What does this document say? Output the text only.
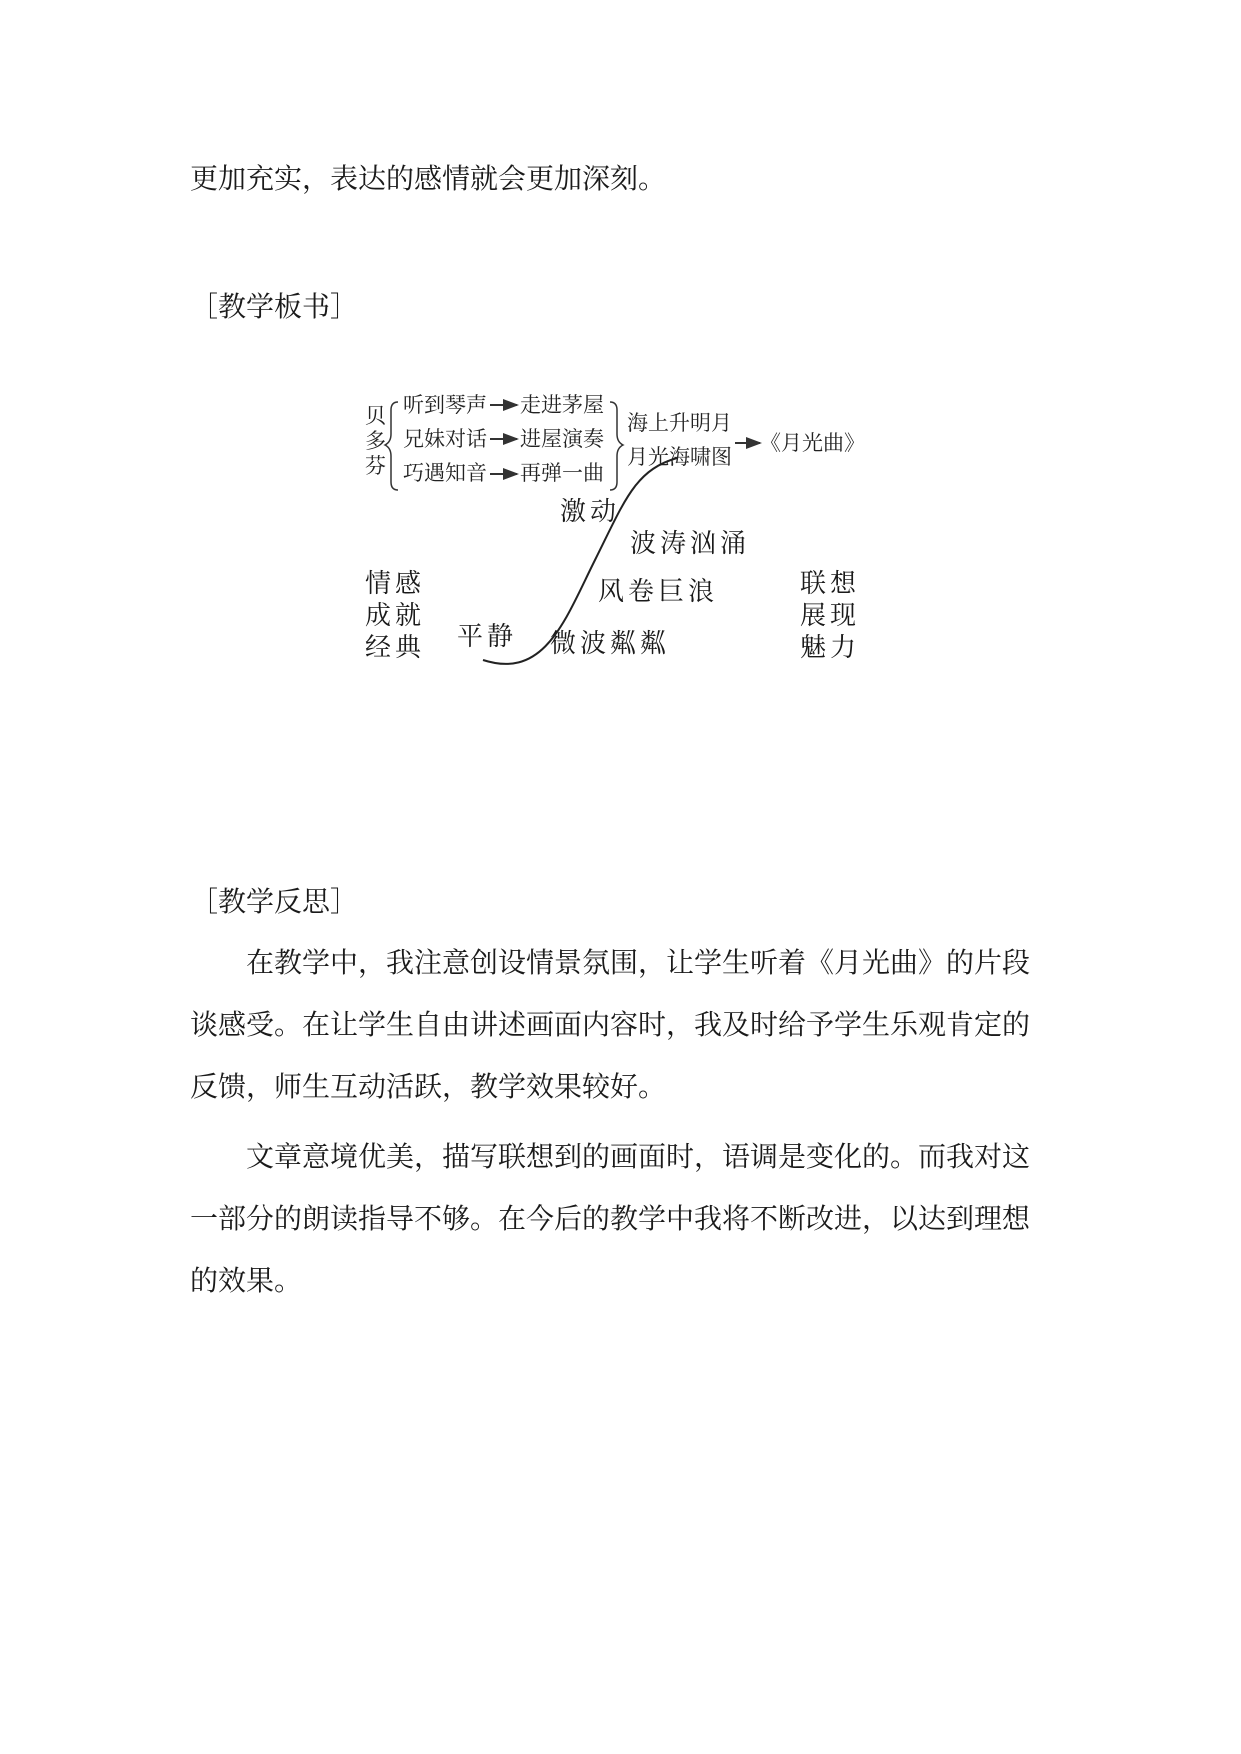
更加充实，表达的感情就会更加深刻。

［教学板书］

贝
多
芬
听到琴声 走进茅屋
兄妹对话 进屋演奏
巧遇知音 再弹一曲
海上升明月
月光海啸图
《月光曲》
激动
波涛汹涌
风卷巨浪
微波粼粼
平静
情感
成就
经典
联想
展现
魅力

［教学反思］

在教学中，我注意创设情景氛围，让学生听着《月光曲》的片段
谈感受。在让学生自由讲述画面内容时，我及时给予学生乐观肯定的
反馈，师生互动活跃，教学效果较好。
文章意境优美，描写联想到的画面时，语调是变化的。而我对这
一部分的朗读指导不够。在今后的教学中我将不断改进，以达到理想
的效果。
